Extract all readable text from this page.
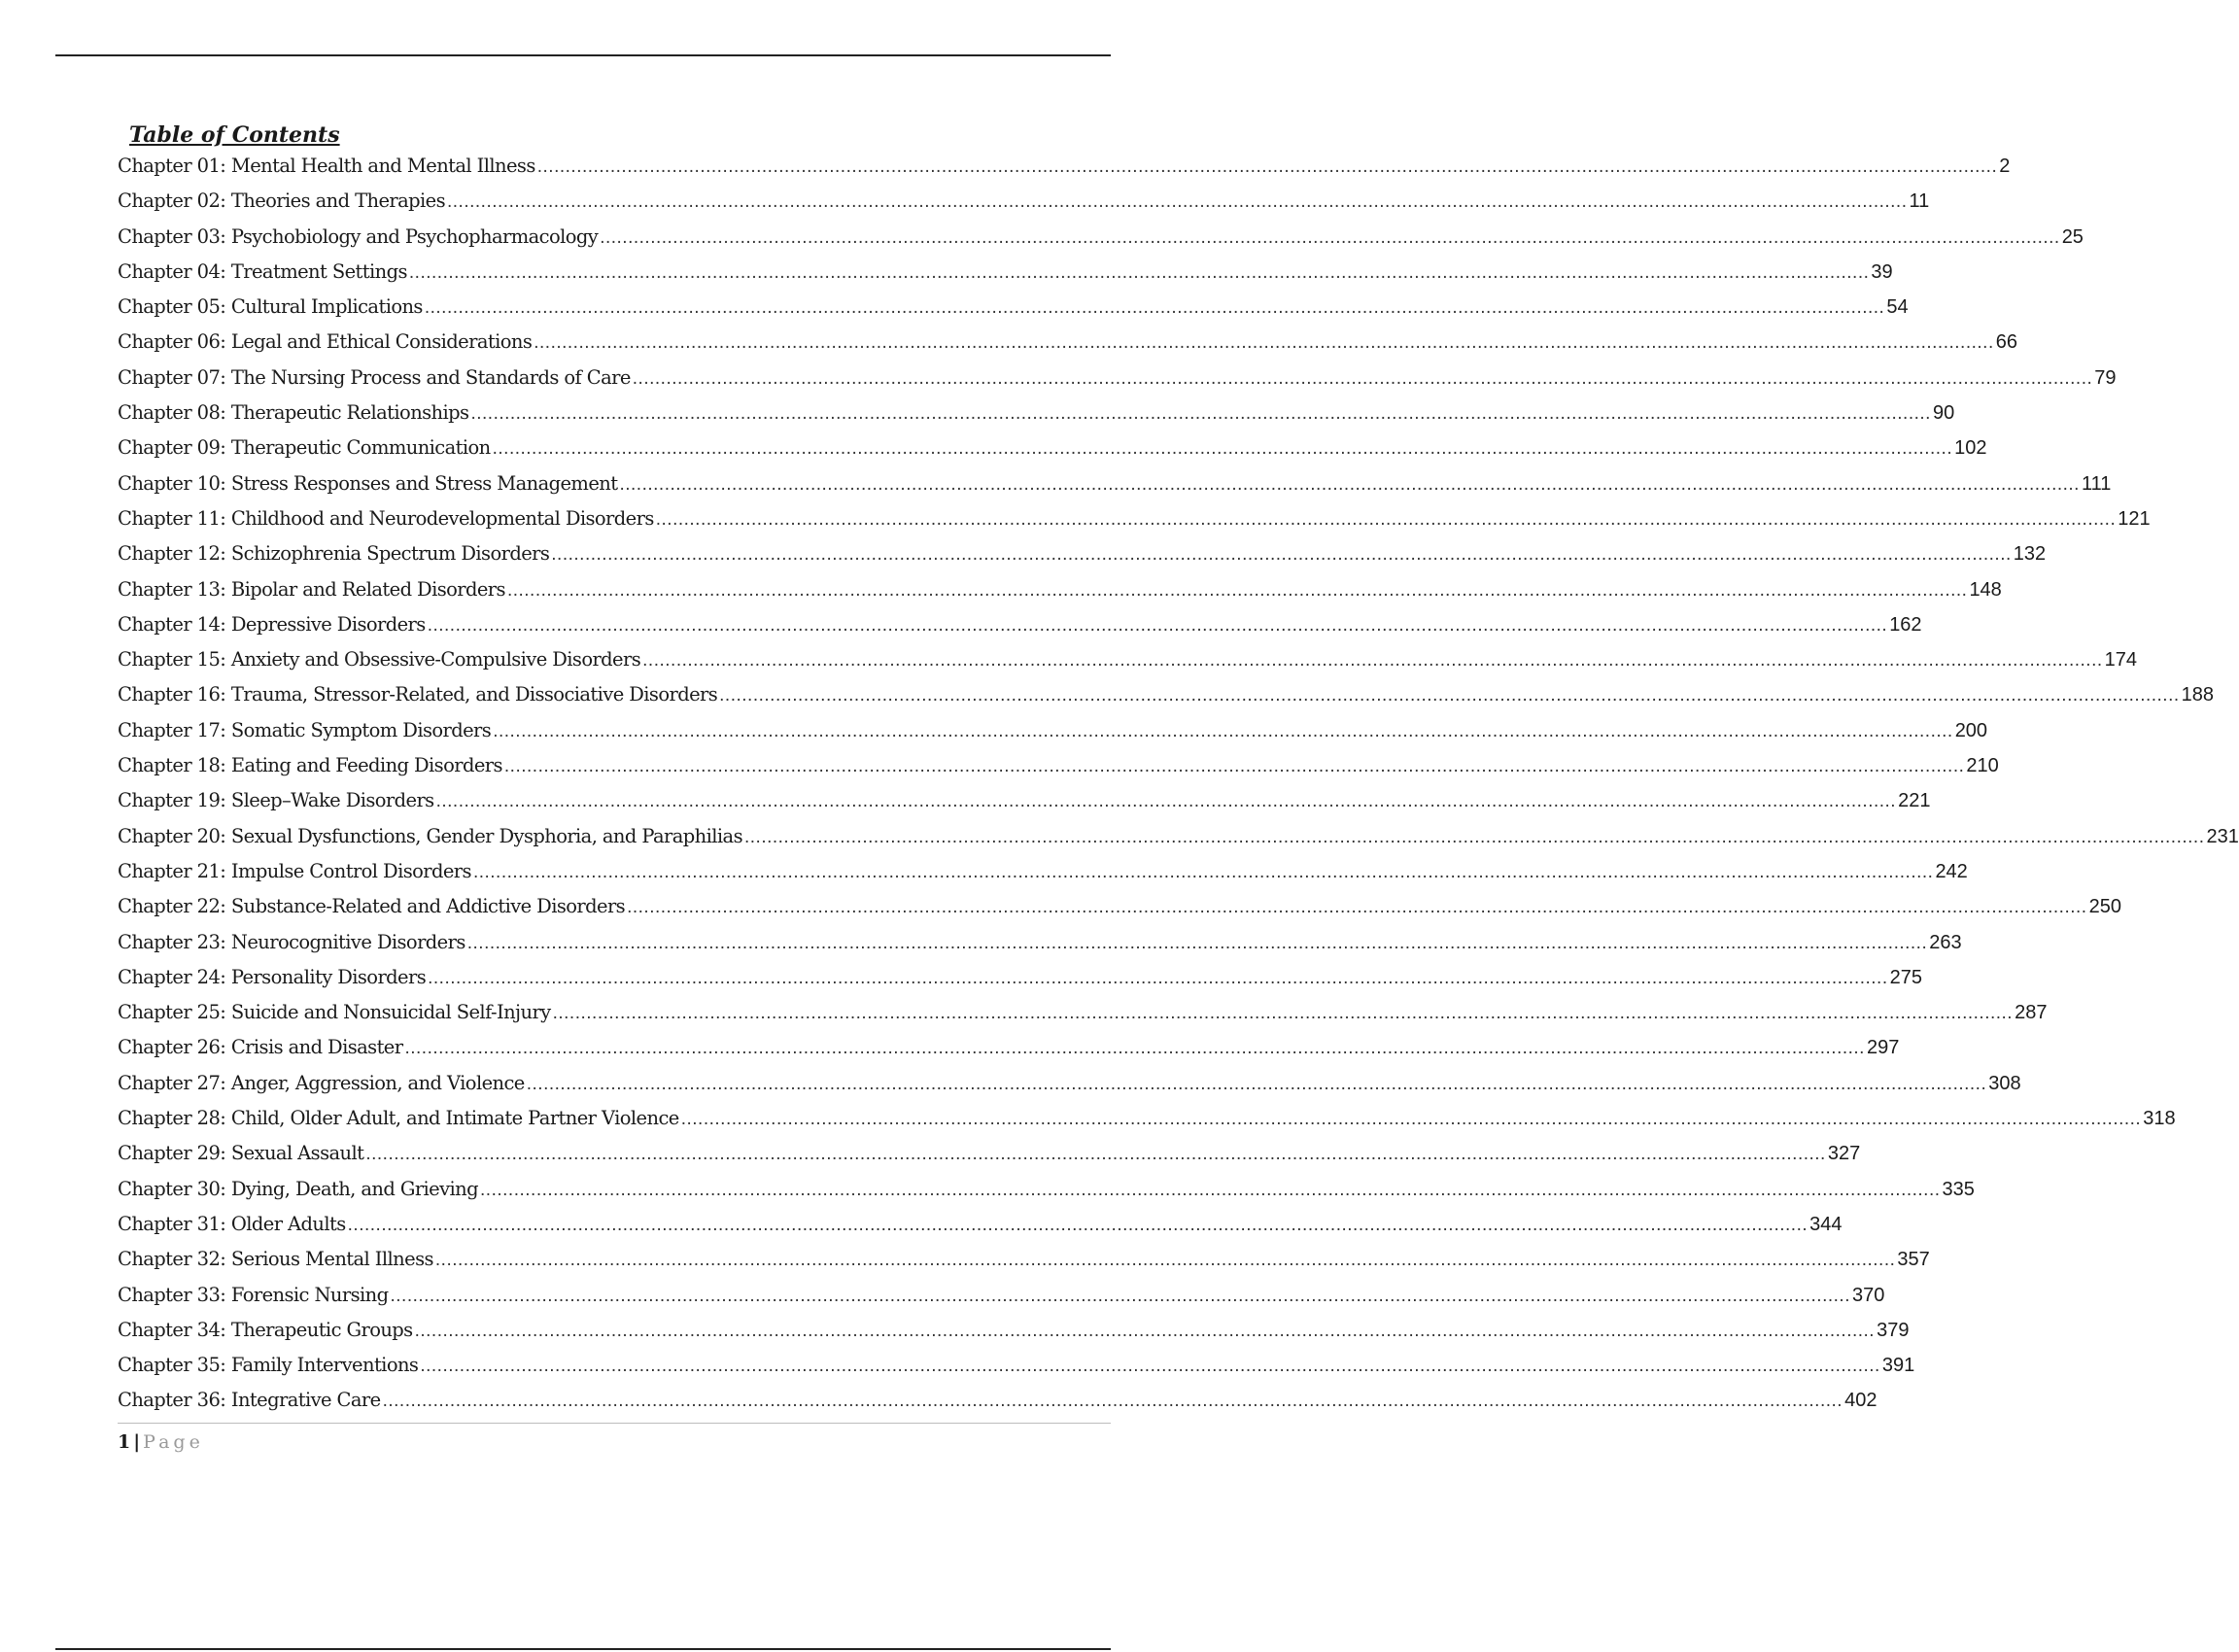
Table of Contents
Chapter 01: Mental Health and Mental Illness .................................................................................................................................................................................................................................................................... 2
Chapter 02: Theories and Therapies .................................................................................................................................................................................................................................................................... 11
Chapter 03: Psychobiology and Psychopharmacology .................................................................................................................................................................................................................................................................... 25
Chapter 04: Treatment Settings .................................................................................................................................................................................................................................................................... 39
Chapter 05: Cultural Implications .................................................................................................................................................................................................................................................................... 54
Chapter 06: Legal and Ethical Considerations .................................................................................................................................................................................................................................................................... 66
Chapter 07: The Nursing Process and Standards of Care .................................................................................................................................................................................................................................................................... 79
Chapter 08: Therapeutic Relationships .................................................................................................................................................................................................................................................................... 90
Chapter 09: Therapeutic Communication .................................................................................................................................................................................................................................................................... 102
Chapter 10: Stress Responses and Stress Management .................................................................................................................................................................................................................................................................... 111
Chapter 11: Childhood and Neurodevelopmental Disorders .................................................................................................................................................................................................................................................................... 121
Chapter 12: Schizophrenia Spectrum Disorders .................................................................................................................................................................................................................................................................... 132
Chapter 13: Bipolar and Related Disorders .................................................................................................................................................................................................................................................................... 148
Chapter 14: Depressive Disorders .................................................................................................................................................................................................................................................................... 162
Chapter 15: Anxiety and Obsessive-Compulsive Disorders .................................................................................................................................................................................................................................................................... 174
Chapter 16: Trauma, Stressor-Related, and Dissociative Disorders .................................................................................................................................................................................................................................................................... 188
Chapter 17: Somatic Symptom Disorders .................................................................................................................................................................................................................................................................... 200
Chapter 18: Eating and Feeding Disorders .................................................................................................................................................................................................................................................................... 210
Chapter 19: Sleep–Wake Disorders .................................................................................................................................................................................................................................................................... 221
Chapter 20: Sexual Dysfunctions, Gender Dysphoria, and Paraphilias .................................................................................................................................................................................................................................................................... 231
Chapter 21: Impulse Control Disorders .................................................................................................................................................................................................................................................................... 242
Chapter 22: Substance-Related and Addictive Disorders .................................................................................................................................................................................................................................................................... 250
Chapter 23: Neurocognitive Disorders .................................................................................................................................................................................................................................................................... 263
Chapter 24: Personality Disorders .................................................................................................................................................................................................................................................................... 275
Chapter 25: Suicide and Nonsuicidal Self-Injury .................................................................................................................................................................................................................................................................... 287
Chapter 26: Crisis and Disaster .................................................................................................................................................................................................................................................................... 297
Chapter 27: Anger, Aggression, and Violence .................................................................................................................................................................................................................................................................... 308
Chapter 28: Child, Older Adult, and Intimate Partner Violence .................................................................................................................................................................................................................................................................... 318
Chapter 29: Sexual Assault .................................................................................................................................................................................................................................................................... 327
Chapter 30: Dying, Death, and Grieving .................................................................................................................................................................................................................................................................... 335
Chapter 31: Older Adults .................................................................................................................................................................................................................................................................... 344
Chapter 32: Serious Mental Illness .................................................................................................................................................................................................................................................................... 357
Chapter 33: Forensic Nursing .................................................................................................................................................................................................................................................................... 370
Chapter 34: Therapeutic Groups .................................................................................................................................................................................................................................................................... 379
Chapter 35: Family Interventions .................................................................................................................................................................................................................................................................... 391
Chapter 36: Integrative Care .................................................................................................................................................................................................................................................................... 402
1 | Page
